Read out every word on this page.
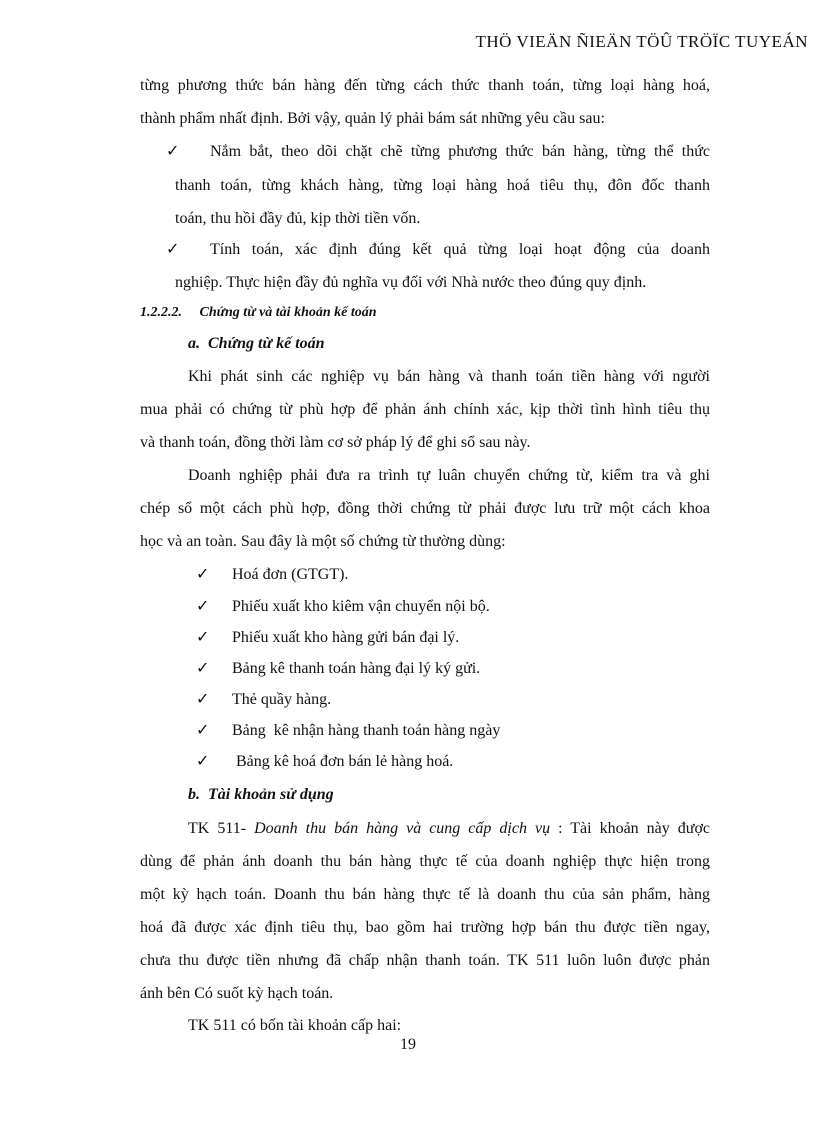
THÖ VIEÄN ÑIEÄN TÖÛ TRÖÏC TUYEÁN
từng phương thức bán hàng đến từng cách thức thanh toán, từng loại hàng hoá,
thành phẩm nhất định. Bởi vậy, quản lý phải bám sát những yêu cầu sau:
✓ Nắm bắt, theo dõi chặt chẽ từng phương thức bán hàng, từng thể thức
thanh toán, từng khách hàng, từng loại hàng hoá tiêu thụ, đôn đốc thanh
toán, thu hồi đầy đủ, kịp thời tiền vốn.
✓ Tính toán, xác định đúng kết quả từng loại hoạt động của doanh
nghiệp. Thực hiện đầy đủ nghĩa vụ đối với Nhà nước theo đúng quy định.
1.2.2.2.     Chứng từ và tài khoản kế toán
a.  Chứng từ kế toán
Khi phát sinh các nghiệp vụ bán hàng và thanh toán tiền hàng với người
mua phải có chứng từ phù hợp để phản ánh chính xác, kịp thời tình hình tiêu thụ
và thanh toán, đồng thời làm cơ sở pháp lý để ghi sổ sau này.
Doanh nghiệp phải đưa ra trình tự luân chuyển chứng từ, kiểm tra và ghi
chép sổ một cách phù hợp, đồng thời chứng từ phải được lưu trữ một cách khoa
học và an toàn. Sau đây là một số chứng từ thường dùng:
✓ Hoá đơn (GTGT).
✓ Phiếu xuất kho kiêm vận chuyển nội bộ.
✓ Phiếu xuất kho hàng gửi bán đại lý.
✓ Bảng kê thanh toán hàng đại lý ký gửi.
✓ Thẻ quầy hàng.
✓ Bảng  kê nhận hàng thanh toán hàng ngày
✓ Bảng kê hoá đơn bán lẻ hàng hoá.
b.  Tài khoản sử dụng
TK 511- Doanh thu bán hàng và cung cấp dịch vụ : Tài khoản này được
dùng để phản ánh doanh thu bán hàng thực tế của doanh nghiệp thực hiện trong
một kỳ hạch toán. Doanh thu bán hàng thực tế là doanh thu của sản phẩm, hàng
hoá đã được xác định tiêu thụ, bao gồm hai trường hợp bán thu được tiền ngay,
chưa thu được tiền nhưng đã chấp nhận thanh toán. TK 511 luôn luôn được phản
ánh bên Có suốt kỳ hạch toán.
TK 511 có bốn tài khoản cấp hai:
19
